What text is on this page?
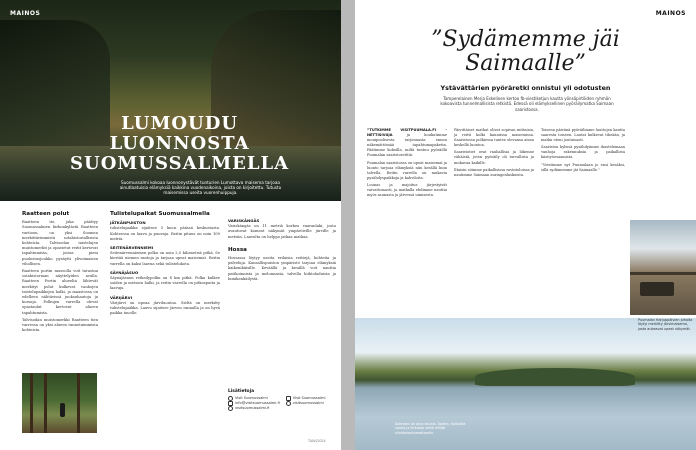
MAINOS
LUMOUDU
LUONNOSTA
SUOMUSSALMELLA
Suomussalmi kokoaa luonnonystävät tunturien Lumottava maisema tarjoaa ainutlaatuisia elämyksiä kaikkina vuodenaikoina, joista on kirjoitettu. Tutustu maisemissa useita vuorenhuippuja.
Raatteen polut

Raatteen tie, joka päättyy Suomussalmen kirkonkylästä Raatteen vartioon, on yksi Suomen merkittävimmistä sotahistoriallisista kohteista. Talvisodan taistelujen muistomerkit ja opastetut reitit kertovat tapahtumista, joissa pieni puolustusjoukko pysäytti ylivoimaisen vihollisen.

Raatteen portin museolla voit tutustua sotahistoriaan näyttelyiden avulla. Raatteen Portin alueelta lähtevät merkityt polut kulkevat vanhojen taistelupaikkojen halki, ja maastossa on edelleen nähtävissä juoksuhautoja ja korsuja. Polkujen varrella olevat opastaulut kertovat alueen tapahtumista.

Talvisodan muistomerkki Raatteen tien varressa on yksi alueen tunnetuimmista kohteista.

Tulistelupaikat Suomussalmella
JÄTKÄNPUISTON

tulistelupaikka sijaitsee 5 km:n päässä keskustasta. Kohteessa on laavu ja puuvaja. Reitin pituus on noin 100 metriä.

SEITENÄRVENNIEMI

Seitenärvenniemen polku on noin 2,5 kilometriä pitkä. Se kiertää niemen rantoja ja tarjoaa upeat maisemat. Reitin varrella on kaksi laavua sekä tulistelukota.

SÄYNÄJÄSUO

Säynäjäsuon retkeilypolku on 8 km pitkä. Polku kulkee soiden ja metsien halki, ja reitin varrella on pitkospuita ja laavuja.

VÄRIJÄRVI

Värijärvi on upeaa järviluontoa. Sieltä on merkitty tulistelupaikka. Laavu sijaitsee järven rannalla ja on hyvä paikka tauolle.

VARISKÄNGÄS

Variskängäs on 11 metriä korkea vaaranlaki, josta avautuvat komeat näkymät ympäröiville järville ja metsiin. Laavulta on helppo jatkaa matkaa.

Hossa

Hossassa löytyy useita erilaisia reittejä, kohteita ja palveluja. Kansallispuiston ympäristö tarjoaa elämyksiä kaikenikäisille. Keväällä ja kesällä voit nauttia patikoinnista ja melonnasta, talvella hiihtoladuista ja lumikenkäilystä.

Lisätietoja
Visit Suomussalmi
info@visitsuomussalmi.fi
visitsuomussalmi.fi
Visit Suomussalmi
visitsuomussalmi
TALVI/2024
MAINOS
”Sydämemme jäi
Saimaalle”
Ystävättärien pyöräretki onnistui yli odotusten
Tamperelainen Merja Eskelinen kertoo fb-viestiketjun kautta yönsäpirtöiden ryhmän kokoavista tunnelmallisista retkistä. Edessä oli elämyksellinen pyöräilymatka Saimaan saaristossa.

”TUTKIMME VISITPUUMALA.FI -NETTISIVUJA	ja koukutimme monipuolisesta tarjonnasta ennen näkemättömää tapahtumapaketin. Päätimme kokeilla, miltä tuntuu pyöräillä Puumalan saaristoreittiä.

Puumalan saaristossa on upeat maisemat ja luonto tarjoaa elämyksiä niin kesällä kuin talvella. Reitin varrella on mukavia pysähdyspaikkoja ja kahviloita.

Lounas ja majoitus järjestyivät vaivattomasti, ja matkalla ehdimme nauttia myös saunasta ja järvessä uimisesta.

Päivittäiset matkat olivat sopivan mittaisia, ja reitti kulki kauniissa maisemissa. Saaristossa polkiessa tuntee olevansa aivan keskellä luontoa.

Saaristotiet ovat rauhallisia ja liikenne vähäistä, joten pyöräily oli turvallista ja mukavaa kaikille.

Iltaisin söimme paikallisissa ravintoloissa ja nautimme Saimaan auringonlaskuista.

Toisena päivänä pyöräilimme lauttojen kautta saaresta toiseen. Lautat kulkevat tiheään, ja matka eteni joutuisasti.

Saariston kylissä pysähdyimme ihastelemaan vanhoja rakennuksia ja paikallista käsityöosaamista.

”Viestimme nyt Puumalaan jo ensi kesäksi, sillä sydämemme jäi Saimaalle.”

Saimaan on aina kaunis. Upeita, kallioisia saaria ja kirkasta vettä riittää silmänkantamattomiin.
Puumalan Harjuppäivien pihalta löytyi merkitty järvimaisema, josta aukeavat upeat näkymät.
